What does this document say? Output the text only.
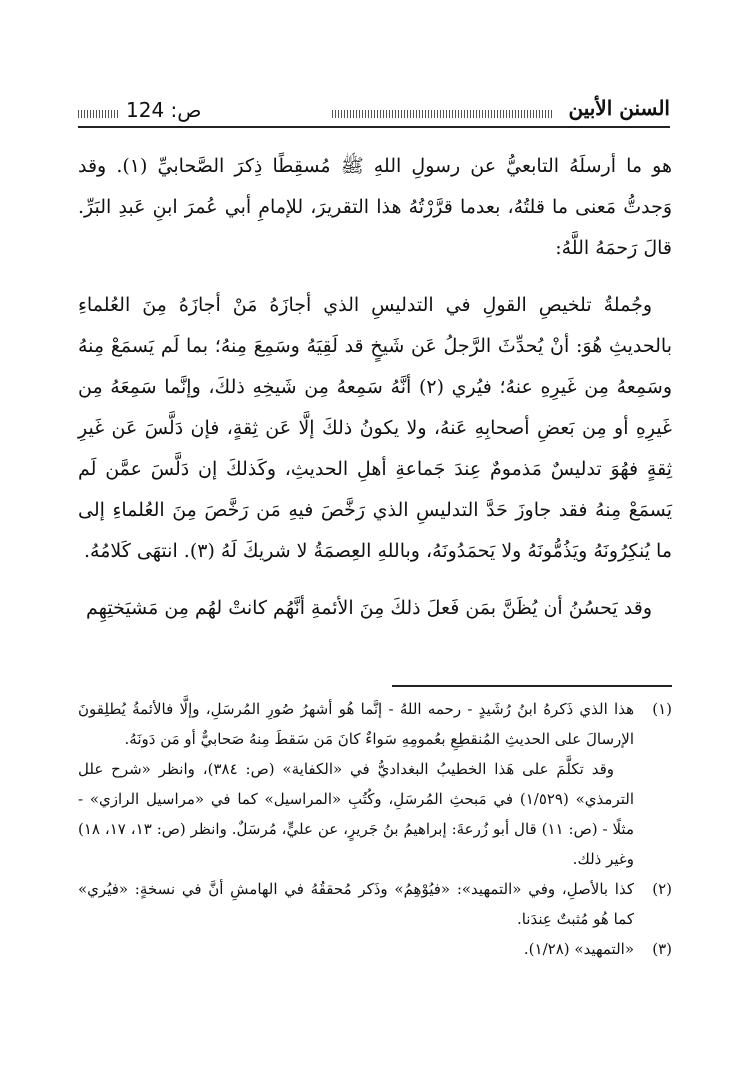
السنن الأبين
ص: 124

هو ما أرسلَهُ التابعيُّ عن رسولِ اللهِ ﷺ مُسقِطًا ذِكرَ الصَّحابيِّ (١). وقد وَجدتُّ مَعنى ما قلتُهُ، بعدما قرَّرْتُهُ هذا التقريرَ، للإمامِ أبي عُمرَ ابنِ عَبدِ البَرِّ. قالَ رَحمَهُ اللَّهُ:

وجُملةُ تلخيصِ القولِ في التدليسِ الذي أجازَهُ مَنْ أجازَهُ مِنَ العُلماءِ بالحديثِ هُوَ: أنْ يُحدِّثَ الرَّجلُ عَن شَيخٍ قد لَقِيَهُ وسَمِعَ مِنهُ؛ بما لَم يَسمَعْ مِنهُ وسَمِعهُ مِن غَيرِهِ عنهُ؛ فيُري (٢) أنَّهُ سَمِعهُ مِن شَيخِهِ ذلكَ، وإنَّما سَمِعَهُ مِن غَيرِهِ أو مِن بَعضِ أصحابِهِ عَنهُ، ولا يكونُ ذلكَ إلَّا عَن ثِقةٍ، فإن دَلَّسَ عَن غَيرِ ثِقةٍ فهُوَ تدليسٌ مَذمومٌ عِندَ جَماعةِ أهلِ الحديثِ، وكَذلكَ إن دَلَّسَ عمَّن لَم يَسمَعْ مِنهُ فقد جاوزَ حَدَّ التدليسِ الذي رَخَّصَ فيهِ مَن رَخَّصَ مِنَ العُلماءِ إلى ما يُنكِرُونَهُ ويَذُمُّونَهُ ولا يَحمَدُونَهُ، وباللهِ العِصمَةُ لا شريكَ لَهُ (٣). انتهَى كَلامُهُ.

وقد يَحسُنُ أن يُظَنَّ بمَن فَعلَ ذلكَ مِنَ الأئمةِ أنَّهُم كانتْ لهُم مِن مَشيَختِهِم

(١)

هذا الذي ذَكرهُ ابنُ رُشَيدٍ - رحمه اللهُ - إنَّما هُو أشهرُ صُورِ المُرسَلِ، وإلَّا فالأئمةُ يُطلِقونَ الإرسالَ على الحديثِ المُنقطِعِ بعُمومِهِ سَواءٌ كانَ مَن سَقطَ مِنهُ صَحابيٌّ أو مَن دَونَهُ.

وقد تكلَّمَ على هَذا الخطيبُ البغداديُّ في «الكفاية» (ص: ٣٨٤)، وانظر «شرح علل الترمذي» (١/٥٢٩) في مَبحثِ المُرسَلِ، وكُتُبِ «المراسيل» كما في «مراسيل الرازي» - مثلًا - (ص: ١١) قال أبو زُرعةَ: إبراهيمُ بنُ جَريرٍ، عن عليٍّ، مُرسَلٌ. وانظر (ص: ١٣، ١٧، ١٨) وغير ذلك.

(٢)

كذا بالأصلِ، وفي «التمهيد»: «فيُوْهِمُ» وذَكر مُحققُهُ في الهامشِ أنَّ في نسخةٍ: «فيُري» كما هُو مُثبتٌ عِندَنا.

(٣)

«التمهيد» (١/٢٨).
